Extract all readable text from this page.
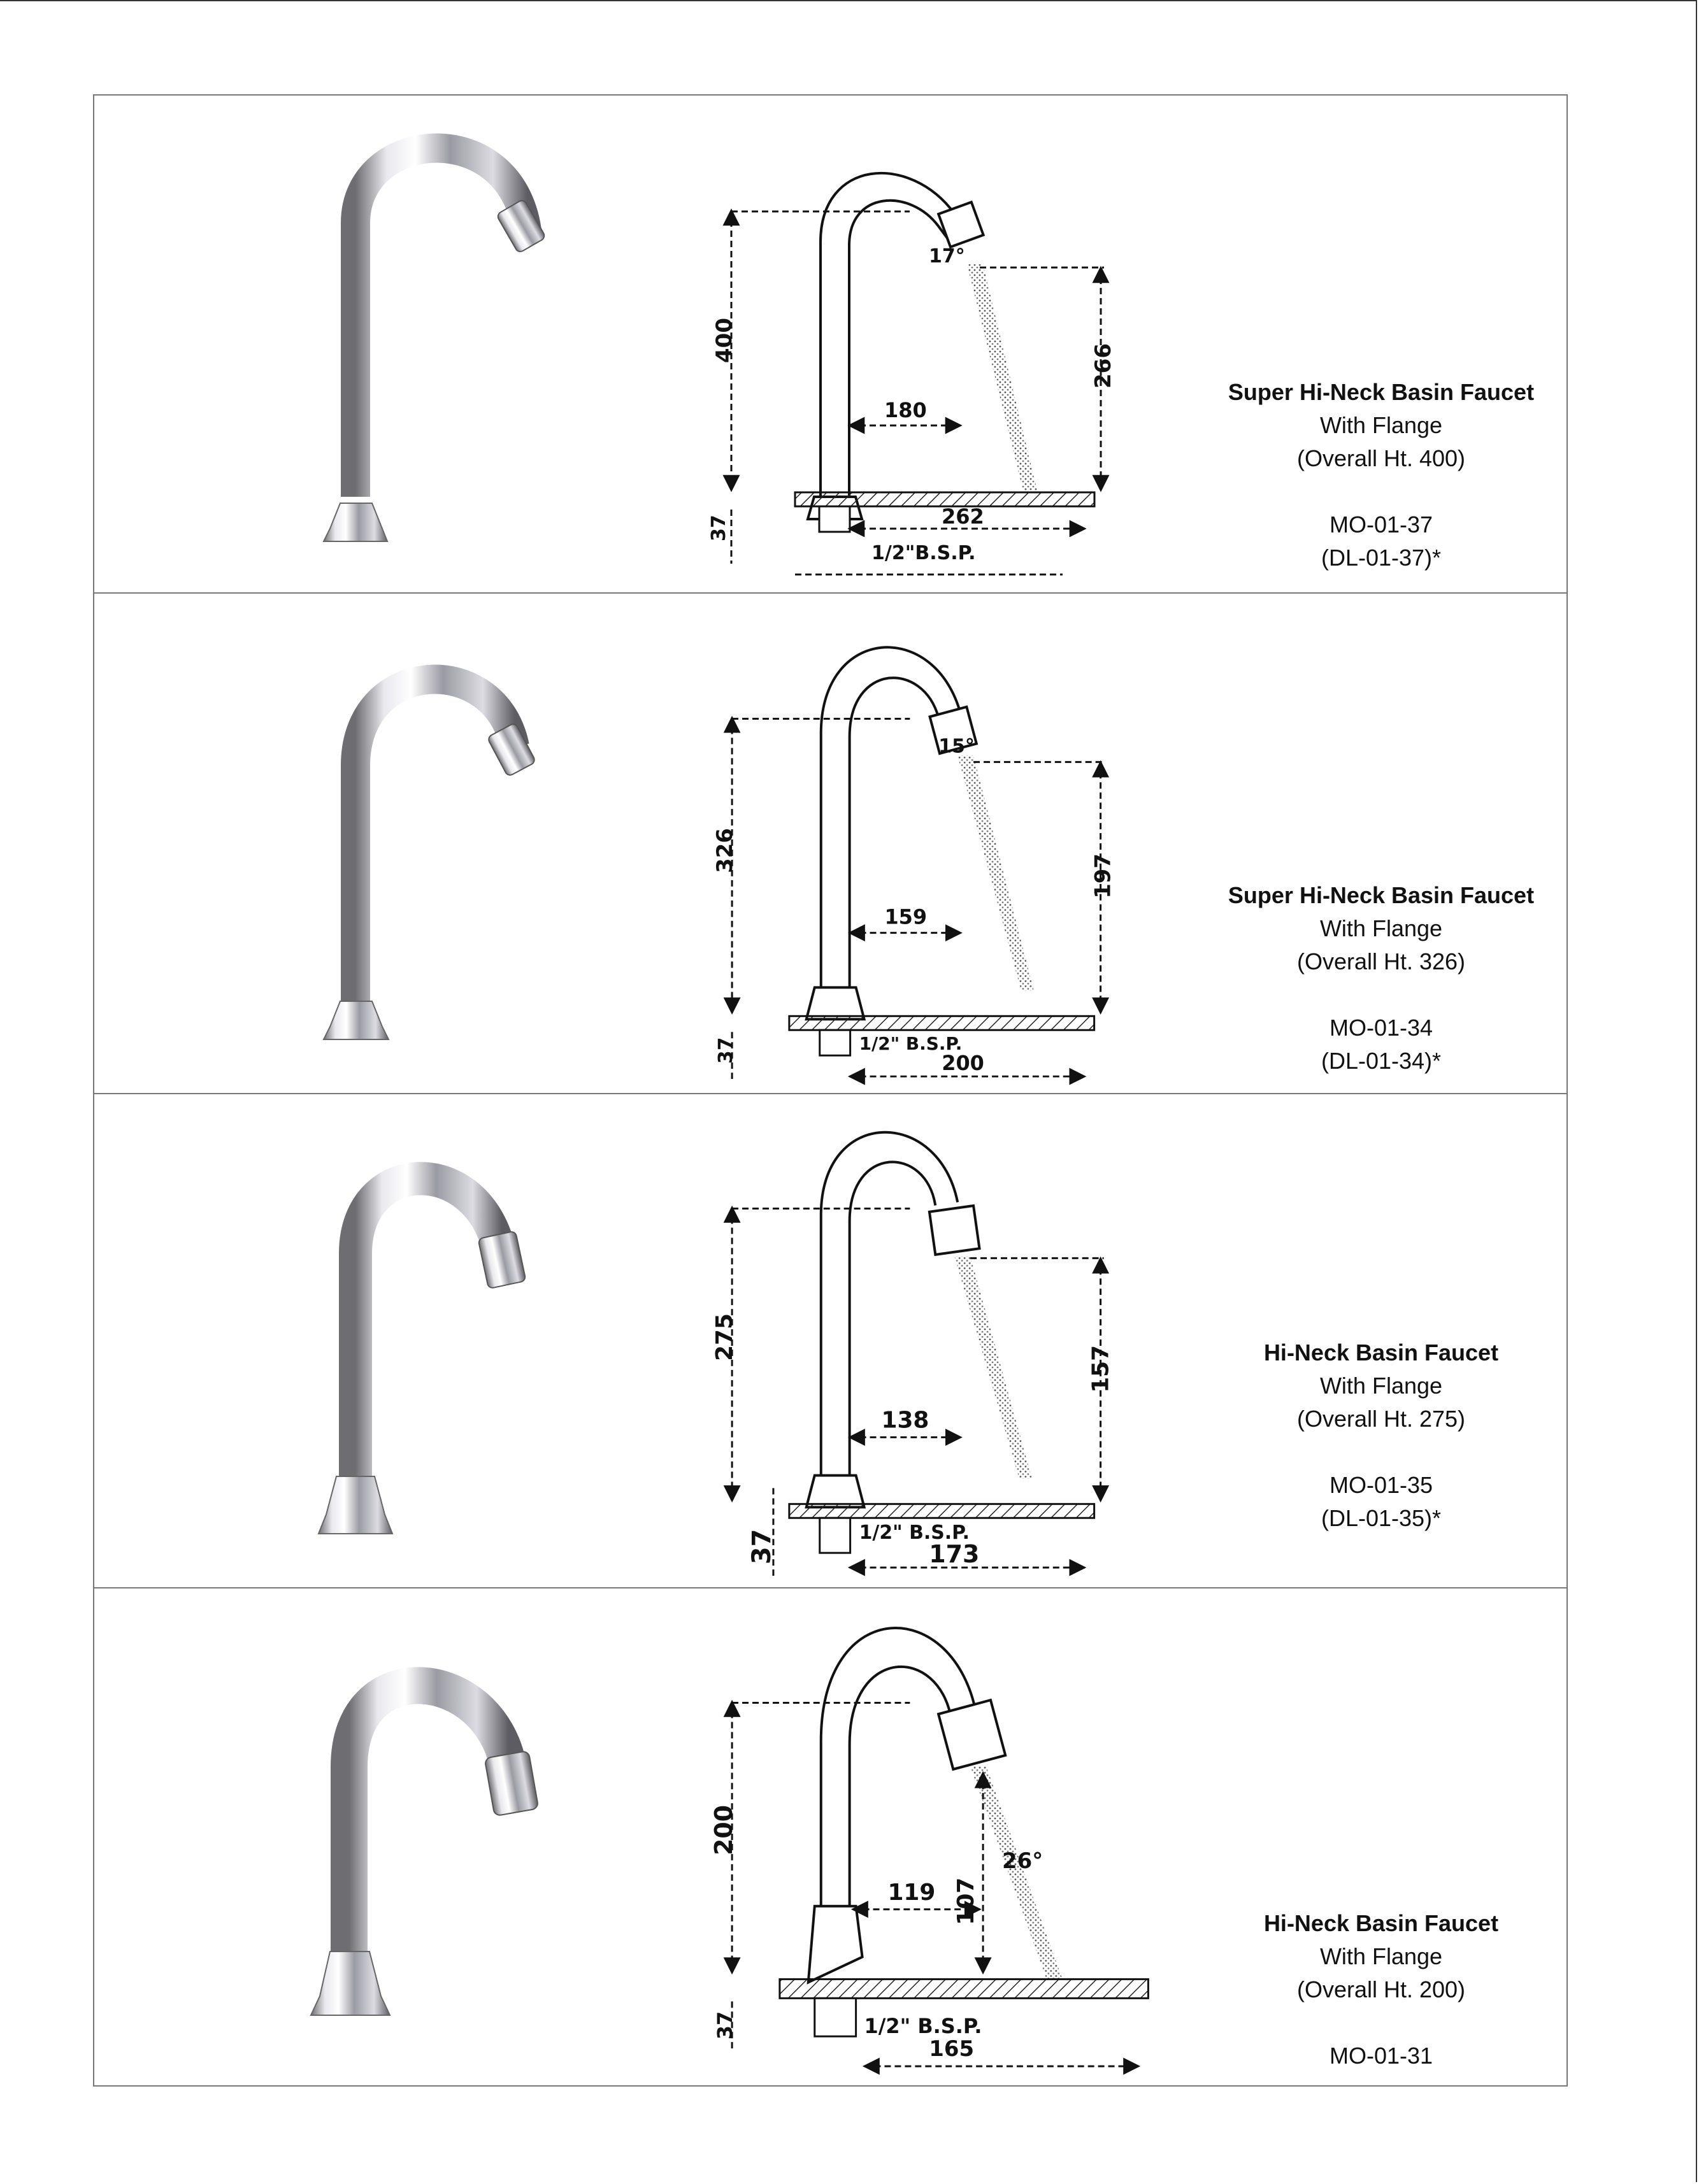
400
180
266
17°
37	262
1/2"B.S.P.
Super Hi-Neck Basin Faucet
With Flange
(Overall Ht. 400)
MO-01-37
(DL-01-37)*
326
159
197
15°
37	1/2" B.S.P.
200
Super Hi-Neck Basin Faucet
With Flange
(Overall Ht. 326)
MO-01-34
(DL-01-34)*
275
138
157
37	1/2" B.S.P.
173
Hi-Neck Basin Faucet
With Flange
(Overall Ht. 275)
MO-01-35
(DL-01-35)*
200
119 107
26°
37	1/2" B.S.P.
165
Hi-Neck Basin Faucet
With Flange
(Overall Ht. 200)
MO-01-31
